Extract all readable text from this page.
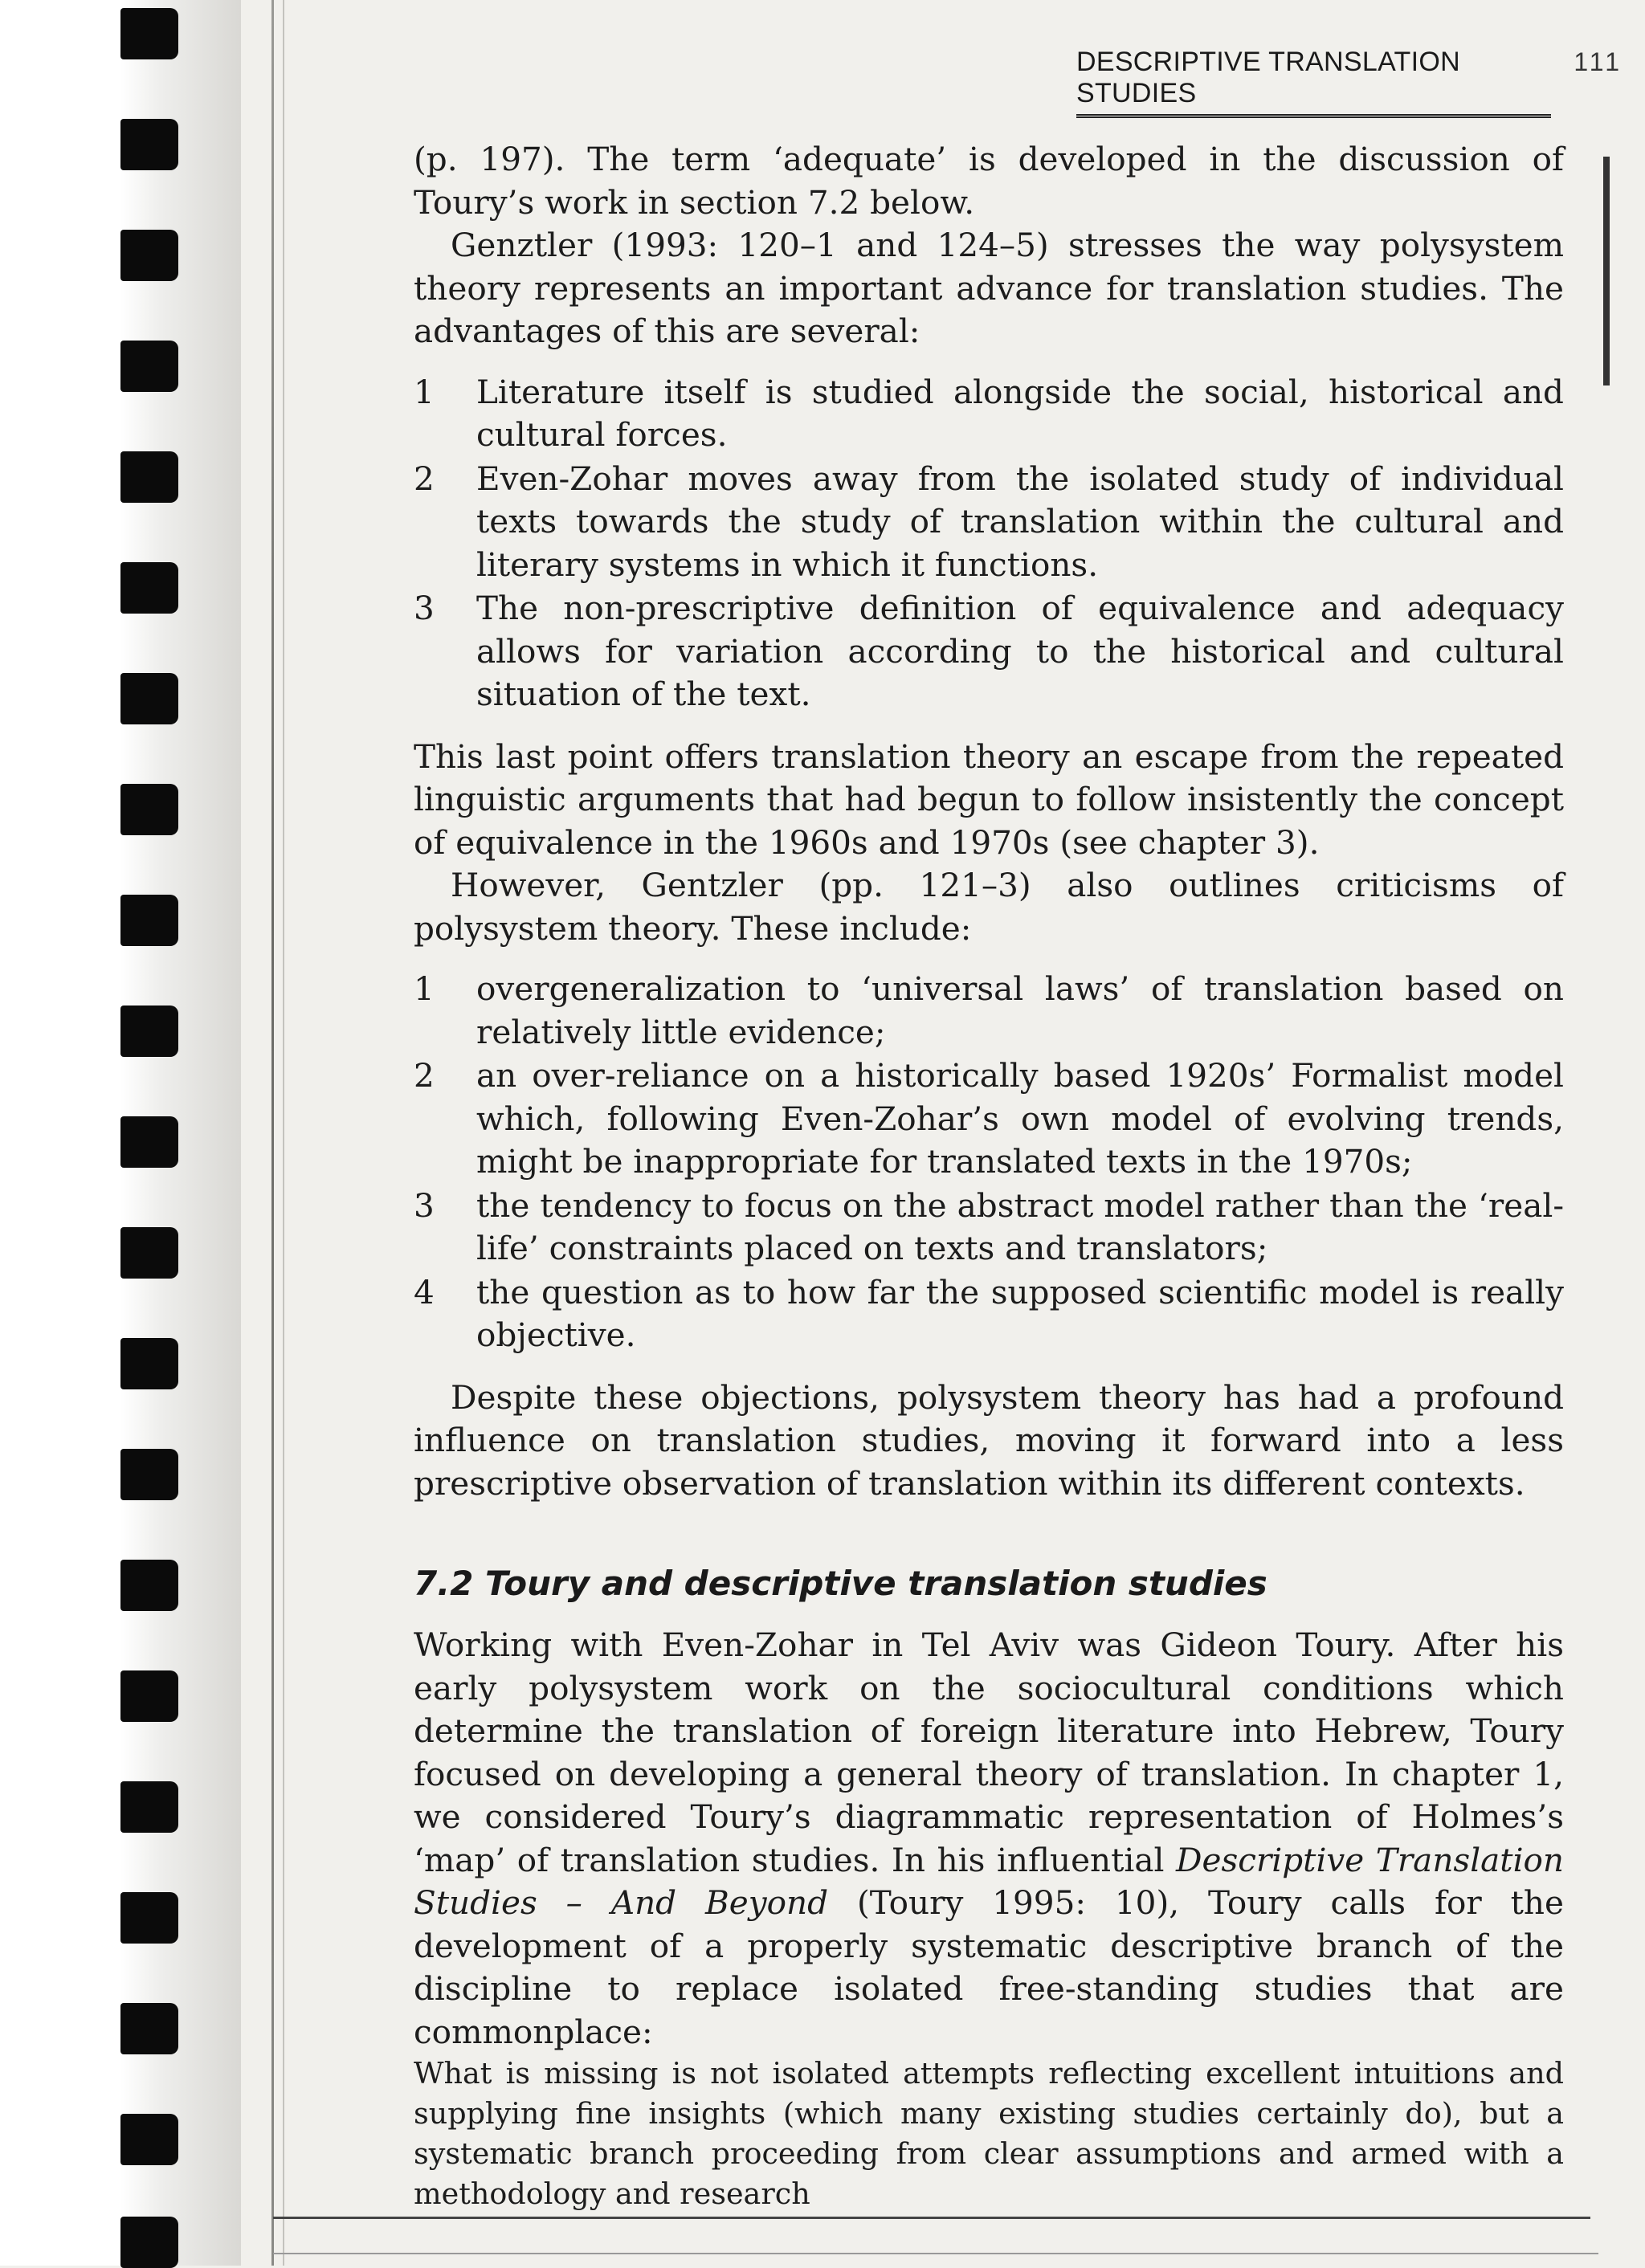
DESCRIPTIVE TRANSLATION STUDIES
111

(p. 197). The term ‘adequate’ is developed in the discussion of Toury’s work in section 7.2 below.

Genztler (1993: 120–1 and 124–5) stresses the way polysystem theory represents an important advance for translation studies. The advantages of this are several:

1	Literature itself is studied alongside the social, historical and cultural forces.
2	Even-Zohar moves away from the isolated study of individual texts towards the study of translation within the cultural and literary systems in which it functions.
3	The non-prescriptive definition of equivalence and adequacy allows for variation according to the historical and cultural situation of the text.

This last point offers translation theory an escape from the repeated linguistic arguments that had begun to follow insistently the concept of equivalence in the 1960s and 1970s (see chapter 3).

However, Gentzler (pp. 121–3) also outlines criticisms of polysystem theory. These include:

1	overgeneralization to ‘universal laws’ of translation based on relatively little evidence;
2	an over-reliance on a historically based 1920s’ Formalist model which, following Even-Zohar’s own model of evolving trends, might be inappropriate for translated texts in the 1970s;
3	the tendency to focus on the abstract model rather than the ‘real-life’ constraints placed on texts and translators;
4	the question as to how far the supposed scientific model is really objective.

Despite these objections, polysystem theory has had a profound influence on translation studies, moving it forward into a less prescriptive observation of translation within its different contexts.

7.2 Toury and descriptive translation studies

Working with Even-Zohar in Tel Aviv was Gideon Toury. After his early polysystem work on the sociocultural conditions which determine the translation of foreign literature into Hebrew, Toury focused on developing a general theory of translation. In chapter 1, we considered Toury’s diagrammatic representation of Holmes’s ‘map’ of translation studies. In his influential Descriptive Translation Studies – And Beyond (Toury 1995: 10), Toury calls for the development of a properly systematic descriptive branch of the discipline to replace isolated free-standing studies that are commonplace:

What is missing is not isolated attempts reflecting excellent intuitions and supplying fine insights (which many existing studies certainly do), but a systematic branch proceeding from clear assumptions and armed with a methodology and research
